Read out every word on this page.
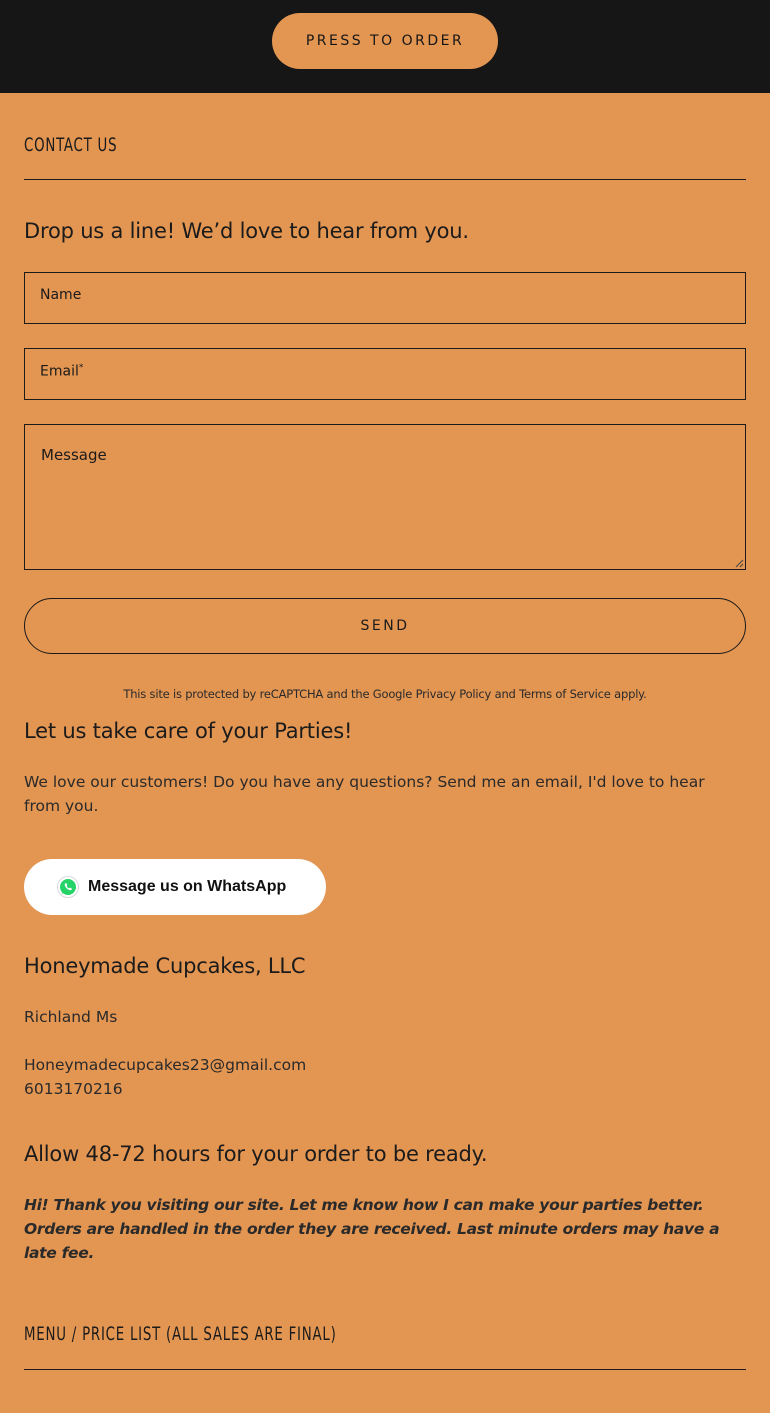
PRESS TO ORDER
CONTACT US
Drop us a line! We’d love to hear from you.
Name
Email*
Message
SEND
This site is protected by reCAPTCHA and the Google Privacy Policy and Terms of Service apply.
Let us take care of your Parties!
We love our customers! Do you have any questions? Send me an email, I'd love to hear from you.
Message us on WhatsApp
Honeymade Cupcakes, LLC
Richland Ms
Honeymadecupcakes23@gmail.com
6013170216
Allow 48-72 hours for your order to be ready.
Hi! Thank you visiting our site. Let me know how I can make your parties better. Orders are handled in the order they are received. Last minute orders may have a late fee.
MENU / PRICE LIST (ALL SALES ARE FINAL)
